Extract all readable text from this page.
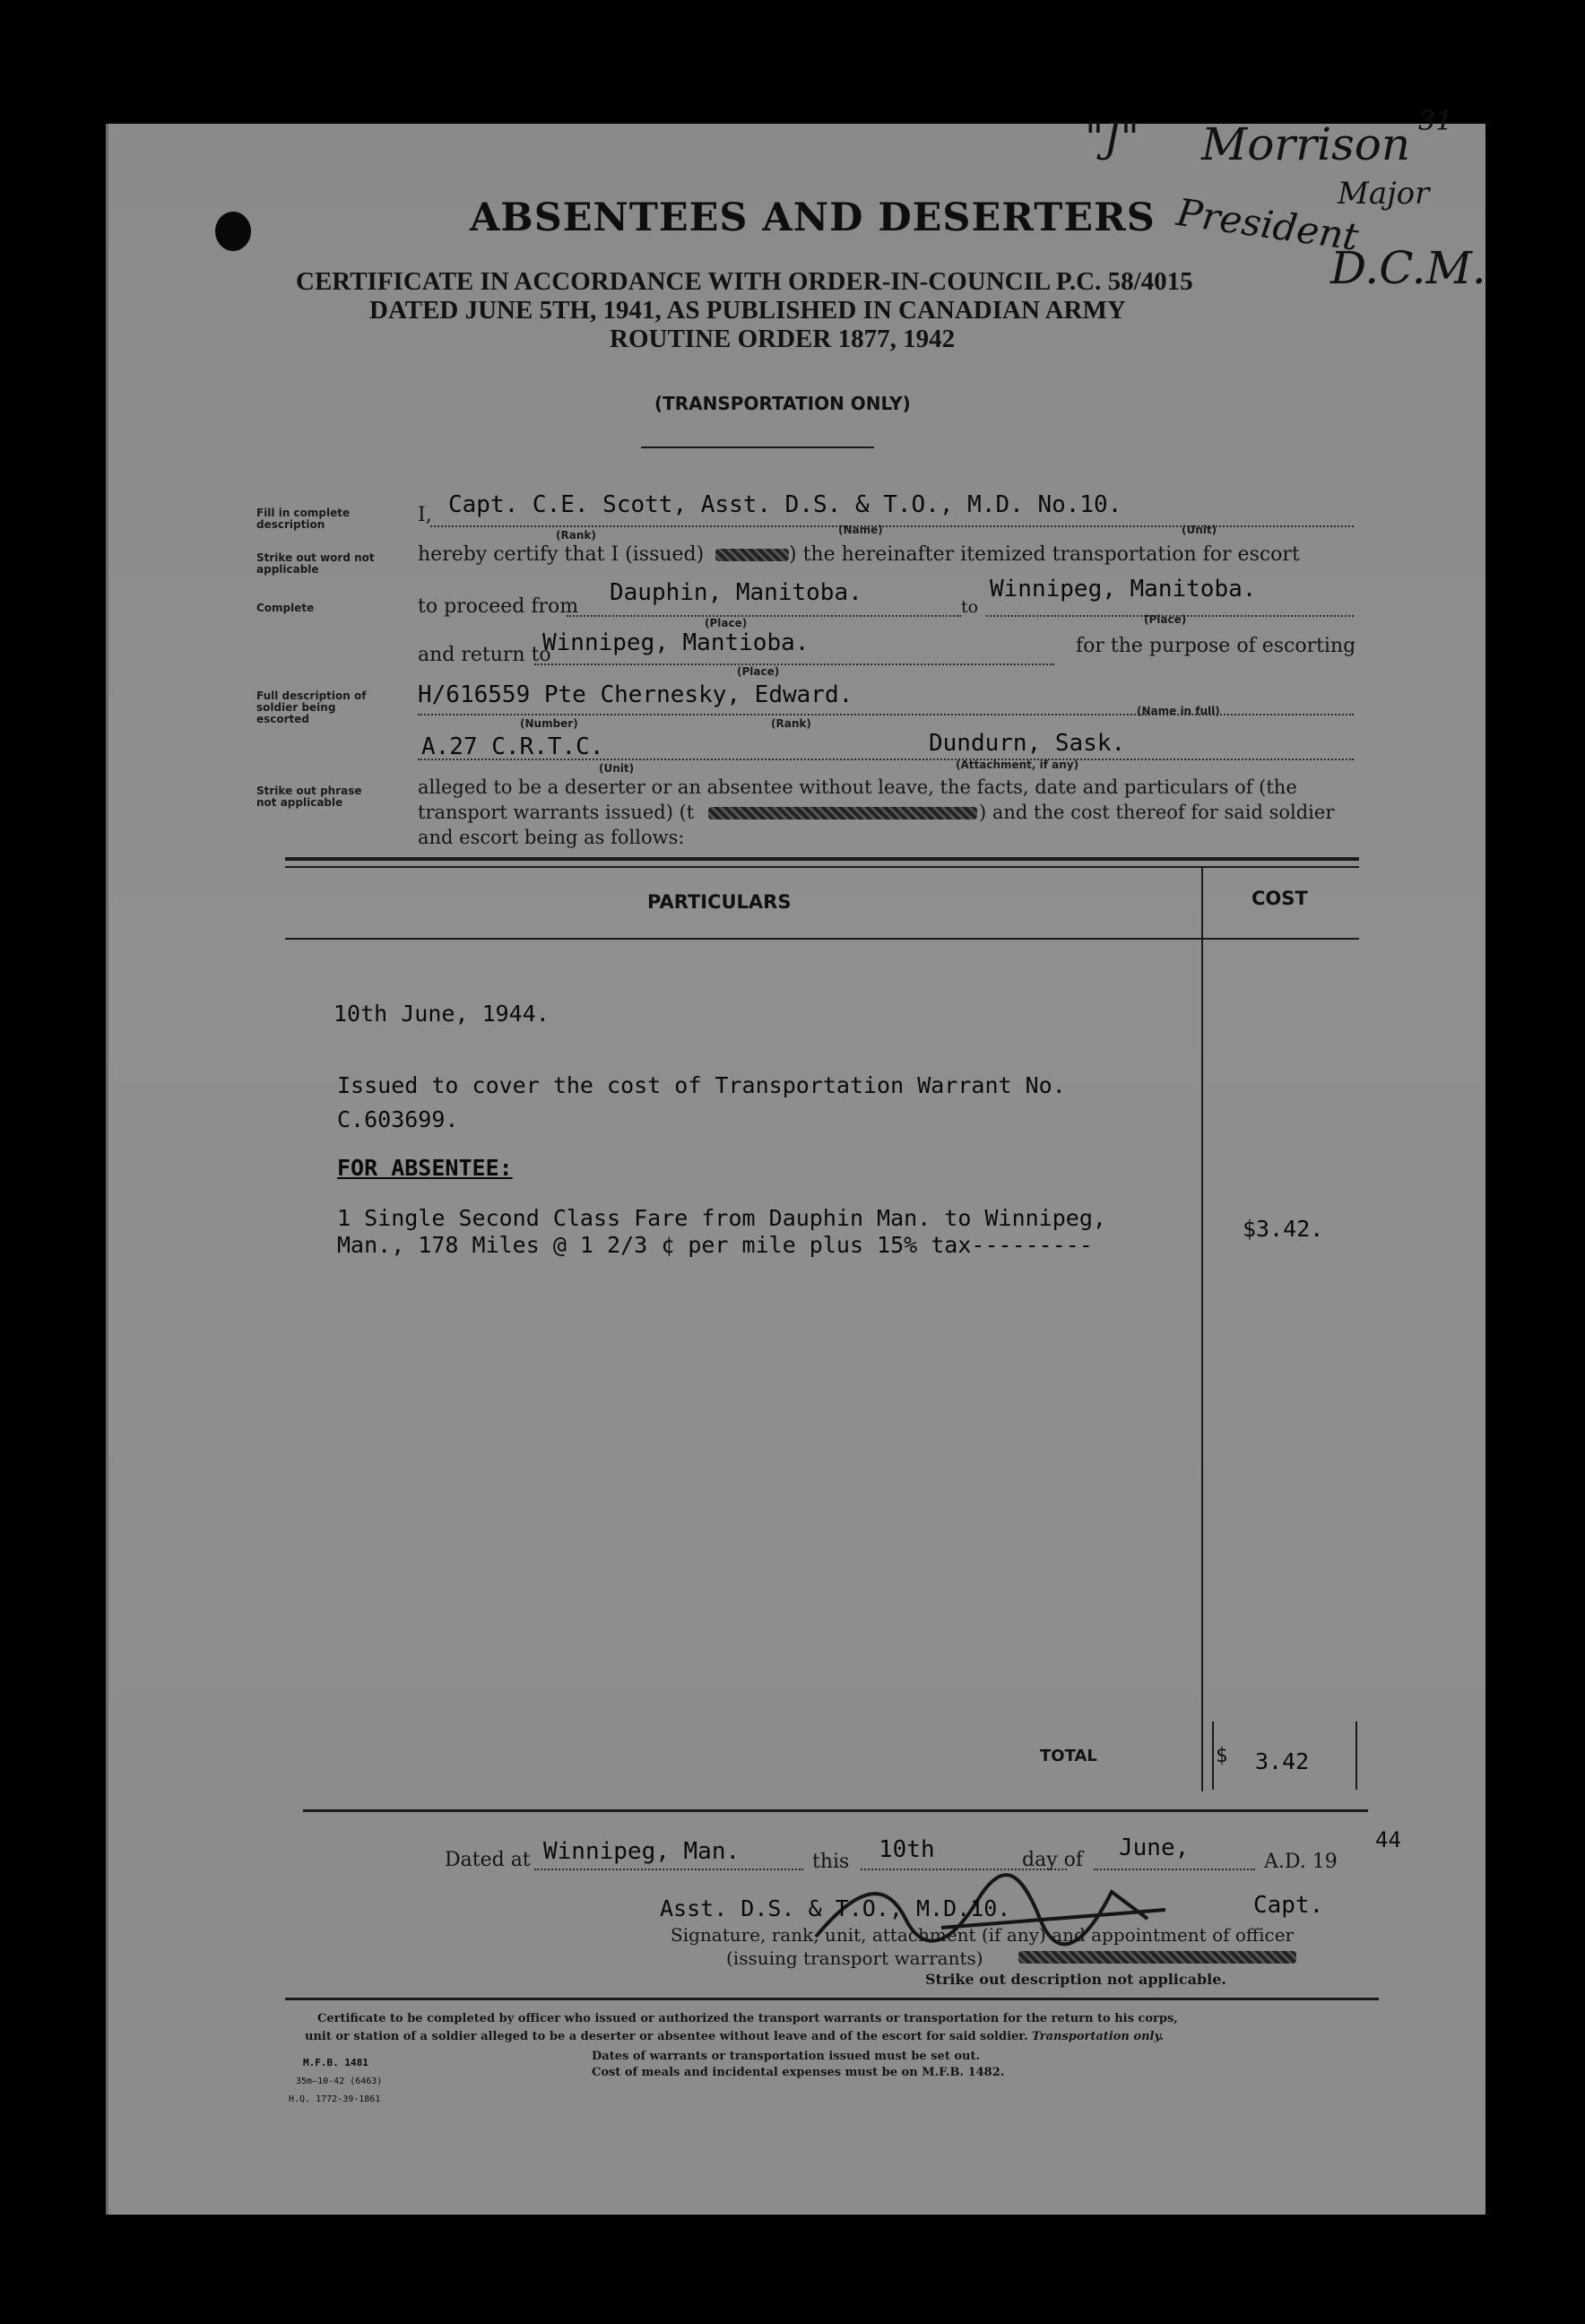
"J" Morrison 31
Major
President
D.C.M.
ABSENTEES AND DESERTERS
CERTIFICATE IN ACCORDANCE WITH ORDER-IN-COUNCIL P.C. 58/4015
DATED JUNE 5TH, 1941, AS PUBLISHED IN CANADIAN ARMY
ROUTINE ORDER 1877, 1942
(TRANSPORTATION ONLY)
Fill in complete description
Strike out word not applicable
Complete
Full description of soldier being escorted
Strike out phrase not applicable
I, Capt. C.E. Scott, Asst. D.S. & T.O., M.D. No.10.
(Rank)	(Name)	(Unit)
hereby certify that I (issued)	) the hereinafter itemized transportation for escort
to proceed from
Dauphin, Manitoba.
(Place)
to
Winnipeg, Manitoba.
(Place)
and return to
Winnipeg, Mantioba.
(Place)
for the purpose of escorting
H/616559 Pte Chernesky, Edward.
(Number)	(Rank)
(Name in full)
A.27 C.R.T.C.	Dundurn, Sask.
(Unit)	(Attachment, if any)
alleged to be a deserter or an absentee without leave, the facts, date and particulars of (the
transport warrants issued) (t	) and the cost thereof for said soldier
and escort being as follows:
PARTICULARS	COST
10th June, 1944.
Issued to cover the cost of Transportation Warrant No.
C.603699.
FOR ABSENTEE:
1 Single Second Class Fare from Dauphin Man. to Winnipeg,
Man., 178 Miles @ 1 2/3 ¢ per mile plus 15% tax---------
$3.42.
TOTAL	$ 3.42
Dated at Winnipeg, Man.	this 10th	day of June,
A.D. 19
44
Asst. D.S. & T.O., M.D.10.	Capt.
Signature, rank, unit, attachment (if any) and appointment of officer
(issuing transport warrants)
Strike out description not applicable.
Certificate to be completed by officer who issued or authorized the transport warrants or transportation for the return to his corps,
unit or station of a soldier alleged to be a deserter or absentee without leave and of the escort for said soldier. Transportation only.
Dates of warrants or transportation issued must be set out.
Cost of meals and incidental expenses must be on M.F.B. 1482.
M.F.B. 1481
35m—10-42 (6463)
H.Q. 1772-39-1861
